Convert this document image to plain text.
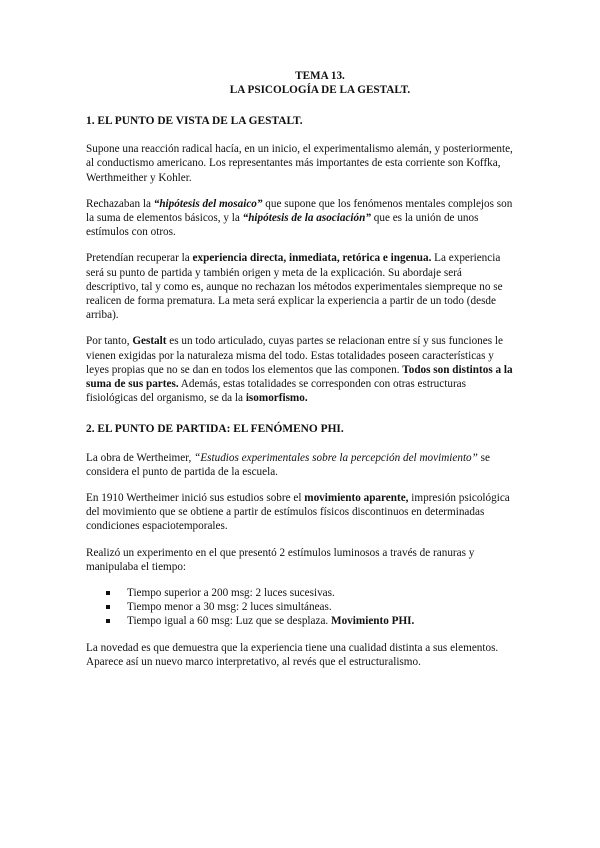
TEMA 13.
LA PSICOLOGÍA DE LA GESTALT.
1. EL PUNTO DE VISTA DE LA GESTALT.

Supone una reacción radical hacía, en un inicio, el experimentalismo alemán, y posteriormente, al conductismo americano. Los representantes más importantes de esta corriente son Koffka, Werthmeither y Kohler.

Rechazaban la “hipótesis del mosaico” que supone que los fenómenos mentales complejos son la suma de elementos básicos, y la “hipótesis de la asociación” que es la unión de unos estímulos con otros.

Pretendían recuperar la experiencia directa, inmediata, retórica e ingenua. La experiencia será su punto de partida y también origen y meta de la explicación. Su abordaje será descriptivo, tal y como es, aunque no rechazan los métodos experimentales siempreque no se realicen de forma prematura. La meta será explicar la experiencia a partir de un todo (desde arriba).

Por tanto, Gestalt es un todo articulado, cuyas partes se relacionan entre sí y sus funciones le vienen exigidas por la naturaleza misma del todo. Estas totalidades poseen características y leyes propias que no se dan en todos los elementos que las componen. Todos son distintos a la suma de sus partes. Además, estas totalidades se corresponden con otras estructuras fisiológicas del organismo, se da la isomorfismo.

2. EL PUNTO DE PARTIDA: EL FENÓMENO PHI.

La obra de Wertheimer, “Estudios experimentales sobre la percepción del movimiento” se considera el punto de partida de la escuela.

En 1910 Wertheimer inició sus estudios sobre el movimiento aparente, impresión psicológica del movimiento que se obtiene a partir de estímulos físicos discontinuos en determinadas condiciones espaciotemporales.

Realizó un experimento en el que presentó 2 estímulos luminosos a través de ranuras y manipulaba el tiempo:

Tiempo superior a 200 msg: 2 luces sucesivas.
Tiempo menor a 30 msg: 2 luces simultáneas.
Tiempo igual a 60 msg: Luz que se desplaza. Movimiento PHI.

La novedad es que demuestra que la experiencia tiene una cualidad distinta a sus elementos. Aparece así un nuevo marco interpretativo, al revés que el estructuralismo.
